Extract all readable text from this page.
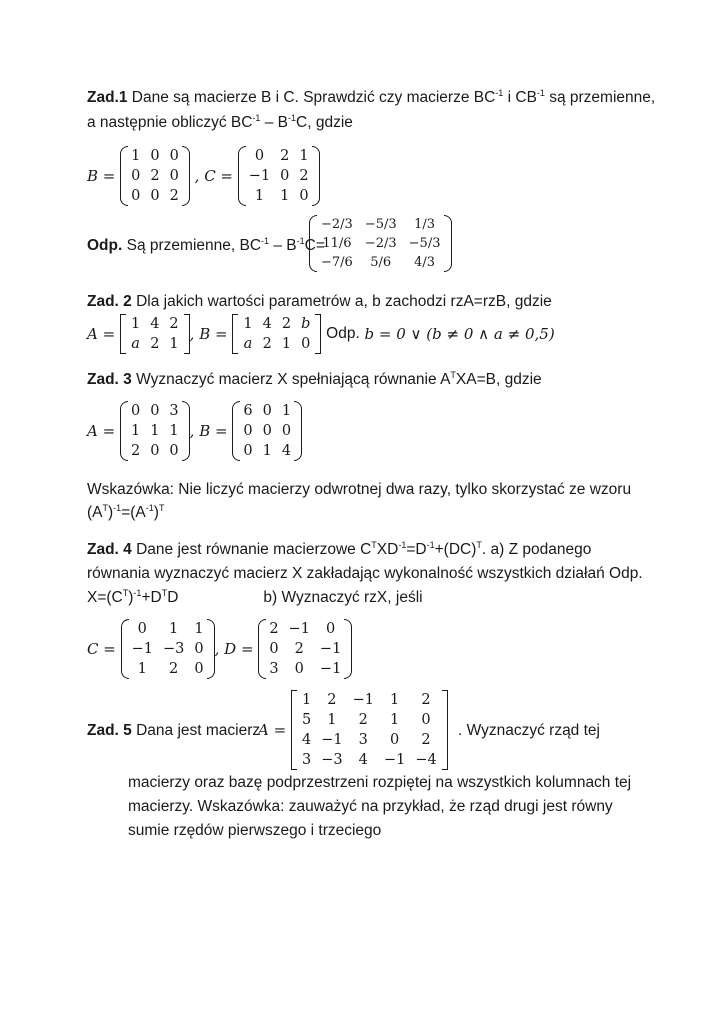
Zad.1 Dane są macierze B i C. Sprawdzić czy macierze $BC^{-1}$ i $CB^{-1}$ są przemienne,
a następnie obliczyć $BC^{-1} - B^{-1}C$, gdzie
B =
1	0	0
0	2	0
0	0	2
, C =
0	2	1
−1	0	2
1	1	0
Odp. Są przemienne, $BC^{-1} - B^{-1}C=$
−2/3	−5/3	1/3
11/6	−2/3	−5/3
−7/6	5/6	4/3
Zad. 2 Dla jakich wartości parametrów a, b zachodzi rzA=rzB, gdzie
A =
1	4	2
a	2	1
, B =
1	4	2	b
a	2	1	0
Odp. b = 0 ∨ (b ≠ 0 ∧ a ≠ 0,5)
Zad. 3 Wyznaczyć macierz X spełniającą równanie $A^TXA=B$, gdzie
A =
0	0	3
1	1	1
2	0	0
, B =
6	0	1
0	0	0
0	1	4
Wskazówka: Nie liczyć macierzy odwrotnej dwa razy, tylko skorzystać ze wzoru
$(A^T)^{-1}=(A^{-1})^T$
Zad. 4 Dane jest równanie macierzowe $C^TXD^{-1}=D^{-1}+(DC)^T$. a) Z podanego
równania wyznaczyć macierz X zakładając wykonalność wszystkich działań Odp.
$X=(C^T)^{-1}+D^TD$	b) Wyznaczyć rzX, jeśli
C =
0	1	1
−1	−3	0
1	2	0
, D =
2	−1	0
0	2	−1
3	0	−1
Zad. 5 Dana jest macierz
A =
1	2	−1	1	2
5	1	2	1	0
4	−1	3	0	2
3	−3	4	−1	−4
. Wyznaczyć rząd tej
macierzy oraz bazę podprzestrzeni rozpiętej na wszystkich kolumnach tej
macierzy. Wskazówka: zauważyć na przykład, że rząd drugi jest równy
sumie rzędów pierwszego i trzeciego
